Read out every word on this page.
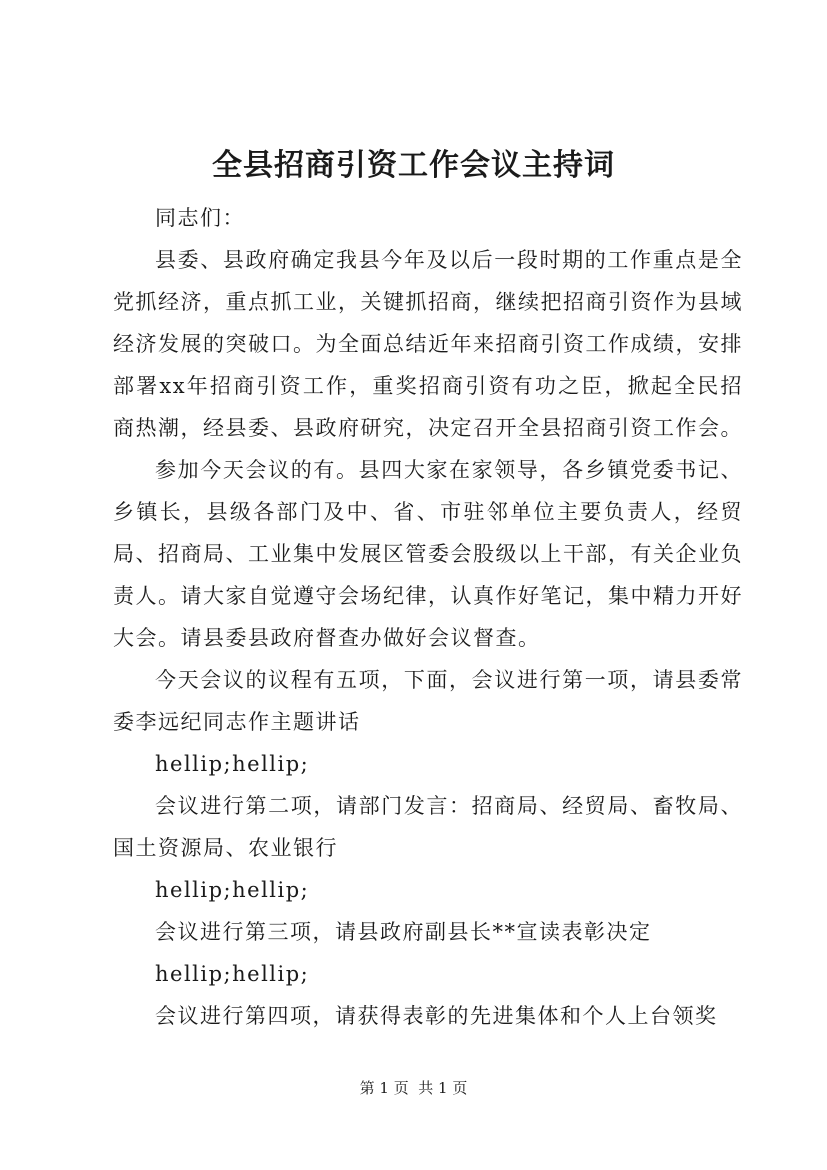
全县招商引资工作会议主持词

同志们：

县委、县政府确定我县今年及以后一段时期的工作重点是全党抓经济，重点抓工业，关键抓招商，继续把招商引资作为县域经济发展的突破口。为全面总结近年来招商引资工作成绩，安排部署xx年招商引资工作，重奖招商引资有功之臣，掀起全民招商热潮，经县委、县政府研究，决定召开全县招商引资工作会。

参加今天会议的有。县四大家在家领导，各乡镇党委书记、乡镇长，县级各部门及中、省、市驻邻单位主要负责人，经贸局、招商局、工业集中发展区管委会股级以上干部，有关企业负责人。请大家自觉遵守会场纪律，认真作好笔记，集中精力开好大会。请县委县政府督查办做好会议督查。

今天会议的议程有五项，下面，会议进行第一项，请县委常委李远纪同志作主题讲话

hellip;hellip;

会议进行第二项，请部门发言：招商局、经贸局、畜牧局、国土资源局、农业银行

hellip;hellip;

会议进行第三项，请县政府副县长**宣读表彰决定

hellip;hellip;

会议进行第四项，请获得表彰的先进集体和个人上台领奖

第 1 页  共 1 页
